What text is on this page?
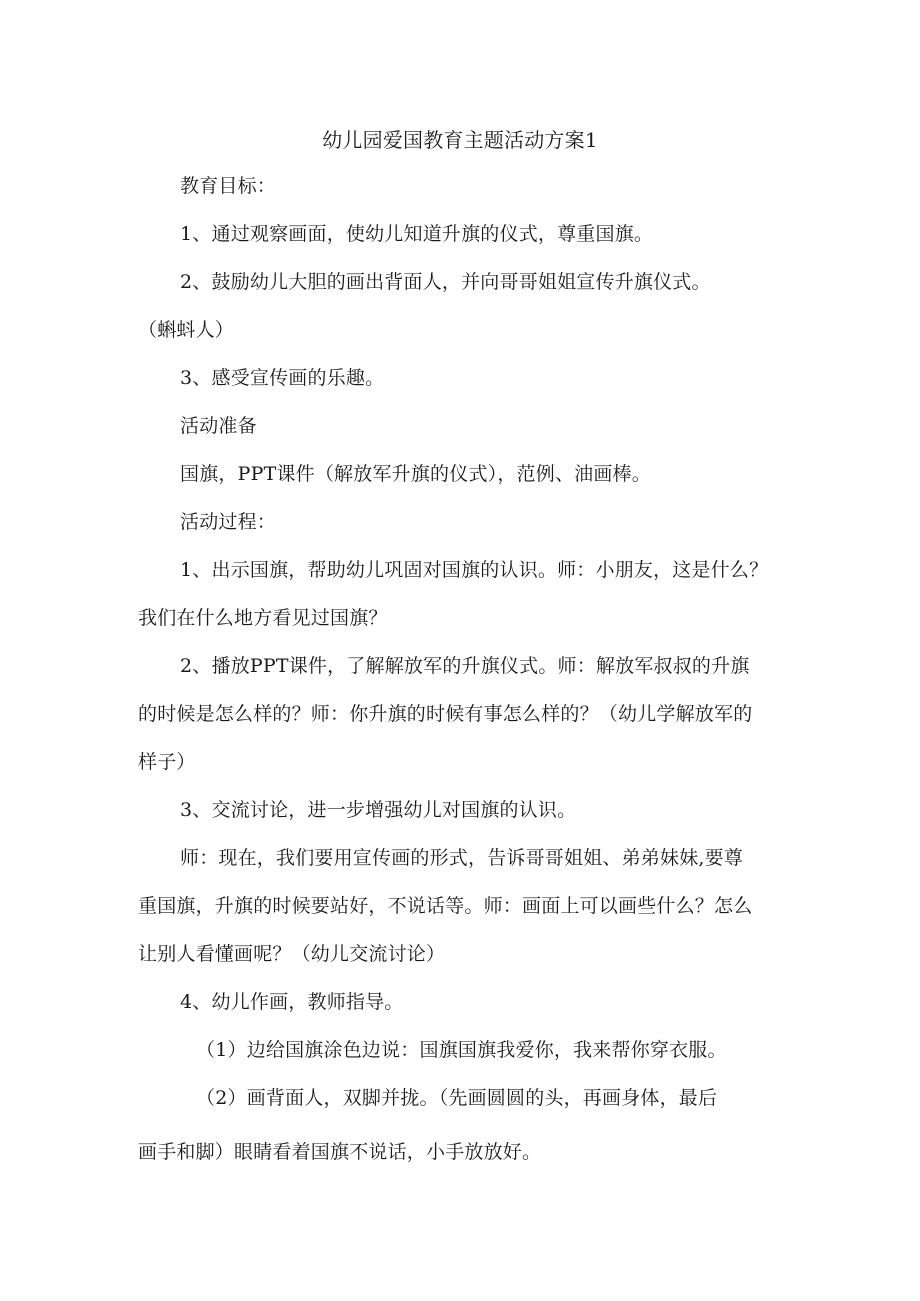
幼儿园爱国教育主题活动方案1
教育目标：
1、通过观察画面，使幼儿知道升旗的仪式，尊重国旗。
2、鼓励幼儿大胆的画出背面人，并向哥哥姐姐宣传升旗仪式。
（蝌蚪人）
3、感受宣传画的乐趣。
活动准备
国旗，PPT课件（解放军升旗的仪式），范例、油画棒。
活动过程：
1、出示国旗，帮助幼儿巩固对国旗的认识。师：小朋友，这是什么？
我们在什么地方看见过国旗？
2、播放PPT课件，了解解放军的升旗仪式。师：解放军叔叔的升旗
的时候是怎么样的？师：你升旗的时候有事怎么样的？（幼儿学解放军的
样子）
3、交流讨论，进一步增强幼儿对国旗的认识。
师：现在，我们要用宣传画的形式，告诉哥哥姐姐、弟弟妹妹,要尊
重国旗，升旗的时候要站好，不说话等。师：画面上可以画些什么？怎么
让别人看懂画呢？（幼儿交流讨论）
4、幼儿作画，教师指导。
（1）边给国旗涂色边说：国旗国旗我爱你，我来帮你穿衣服。
（2）画背面人，双脚并拢。（先画圆圆的头，再画身体，最后
画手和脚）眼睛看着国旗不说话，小手放放好。
